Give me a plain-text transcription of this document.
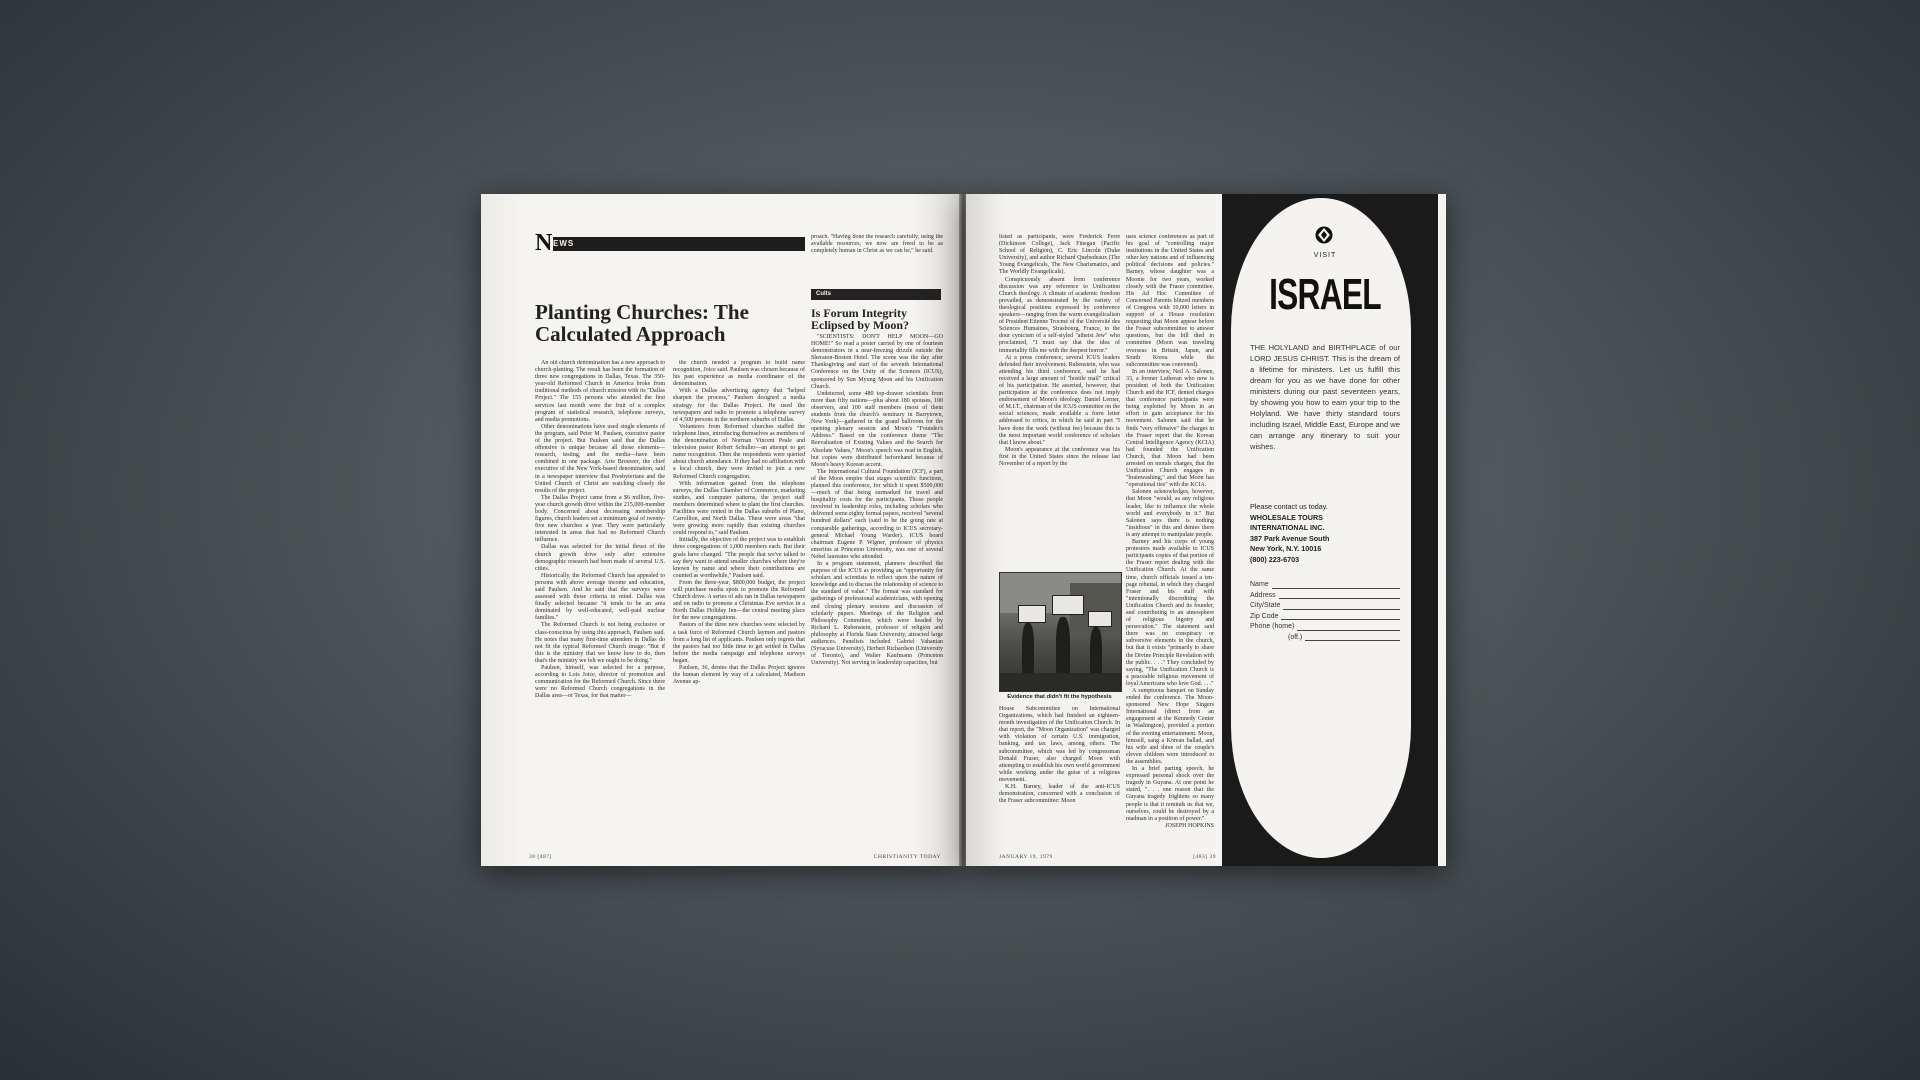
N EWS
Planting Churches: The Calculated Approach

An old church denomination has a new approach to church-planting. The result has been the formation of three new congregations in Dallas, Texas. The 350-year-old Reformed Church in America broke from traditional methods of church mission with its "Dallas Project." The 155 persons who attended the first services last month were the fruit of a complex program of statistical research, telephone surveys, and media promotions.

Other denominations have used single elements of the program, said Peter M. Paulsen, executive pastor of the project. But Paulsen said that the Dallas offensive is unique because all those elements—research, testing, and the media—have been combined in one package. Arie Brouwer, the chief executive of the New York-based denomination, said in a newspaper interview that Presbyterians and the United Church of Christ are watching closely the results of the project.

The Dallas Project came from a $6 million, five-year church growth drive within the 215,000-member body. Concerned about decreasing membership figures, church leaders set a minimum goal of twenty-five new churches a year. They were particularly interested in areas that had no Reformed Church influence.

Dallas was selected for the initial thrust of the church growth drive only after extensive demographic research had been made of several U.S. cities.

Historically, the Reformed Church has appealed to persons with above average income and education, said Paulsen. And he said that the surveys were assessed with those criteria in mind. Dallas was finally selected because "it tends to be an area dominated by well-educated, well-paid nuclear families."

The Reformed Church is not being exclusive or class-conscious by using this approach, Paulsen said. He notes that many first-time attenders in Dallas do not fit the typical Reformed Church image: "But if this is the ministry that we know how to do, then that's the ministry we felt we ought to be doing."

Paulsen, himself, was selected for a purpose, according to Lois Joice, director of promotion and communication for the Reformed Church. Since there were no Reformed Church congregations in the Dallas area—or Texas, for that matter—

the church needed a program to build name recognition, Joice said. Paulsen was chosen because of his past experience as media coordinator of the denomination.

With a Dallas advertising agency that "helped sharpen the process," Paulsen designed a media strategy for the Dallas Project. He used the newspapers and radio to promote a telephone survey of 4,500 persons in the northern suburbs of Dallas.

Volunteers from Reformed churches staffed the telephone lines, introducing themselves as members of the denomination of Norman Vincent Peale and television pastor Robert Schuller—an attempt to get name recognition. Then the respondents were queried about church attendance. If they had no affiliation with a local church, they were invited to join a new Reformed Church congregation.

With information gained from the telephone surveys, the Dallas Chamber of Commerce, marketing studies, and computer patterns, the project staff members determined where to plant the first churches. Facilities were rented in the Dallas suburbs of Plano, Carrollton, and North Dallas. These were areas "that were growing more rapidly than existing churches could respond to," said Paulsen.

Initially, the objective of the project was to establish three congregations of 1,000 members each. But their goals have changed. "The people that we've talked to say they want to attend smaller churches where they're known by name and where their contributions are counted as worthwhile," Paulsen said.

From the three-year, $800,000 budget, the project will purchase media spots to promote the Reformed Church drive. A series of ads ran in Dallas newspapers and on radio to promote a Christmas Eve service in a North Dallas Holiday Inn—the central meeting place for the new congregations.

Pastors of the three new churches were selected by a task force of Reformed Church laymen and pastors from a long list of applicants. Paulsen only regrets that the pastors had too little time to get settled in Dallas before the media campaign and telephone surveys began.

Paulsen, 36, denies that the Dallas Project ignores the human element by way of a calculated, Madison Avenue ap-

proach. "Having done the research carefully, using the available resources, we now are freed to be as completely human in Christ as we can be," he said.

Cults
Is Forum Integrity Eclipsed by Moon?

"SCIENTISTS: DON'T HELP MOON—GO HOME!" So read a poster carried by one of fourteen demonstrators in a near-freezing drizzle outside the Sheraton-Boston Hotel. The scene was the day after Thanksgiving and start of the seventh International Conference on the Unity of the Sciences (ICUS), sponsored by Sun Myung Moon and his Unification Church.

Undeterred, some 480 top-drawer scientists from more than fifty nations—plus about 180 spouses, 100 observers, and 100 staff members (most of them students from the church's seminary in Barrytown, New York)—gathered in the grand ballroom for the opening plenary session and Moon's "Founder's Address." Based on the conference theme "The Reevaluation of Existing Values and the Search for Absolute Values," Moon's speech was read in English, but copies were distributed beforehand because of Moon's heavy Korean accent.

The International Cultural Foundation (ICF), a part of the Moon empire that stages scientific functions, planned this conference, for which it spent $500,000—much of that being earmarked for travel and hospitality costs for the participants. Those people involved in leadership roles, including scholars who delivered some eighty formal papers, received "several hundred dollars" each (said to be the going rate at comparable gatherings, according to ICUS secretary-general Michael Young Warder). ICUS board chairman Eugene P. Wigner, professor of physics emeritus at Princeton University, was one of several Nobel laureates who attended.

In a program statement, planners described the purpose of the ICUS as providing an "opportunity for scholars and scientists to reflect upon the nature of knowledge and to discuss the relationship of science to the standard of value." The format was standard for gatherings of professional academicians, with opening and closing plenary sessions and discussion of scholarly papers. Meetings of the Religion and Philosophy Committee, which were headed by Richard L. Rubenstein, professor of religion and philosophy at Florida State University, attracted large audiences. Panelists included Gabriel Vahanian (Syracuse University), Herbert Richardson (University of Toronto), and Walter Kaufmann (Princeton University). Not serving in leadership capacities, but

38 [487]	CHRISTIANITY TODAY

listed as participants, were Frederick Ferre (Dickinson College), Jack Finegan (Pacific School of Religion), C. Eric Lincoln (Duke University), and author Richard Quebedeaux (The Young Evangelicals, The New Charismatics, and The Worldly Evangelicals).

Conspicuously absent from conference discussion was any reference to Unification Church theology. A climate of academic freedom prevailed, as demonstrated by the variety of theological positions expressed by conference speakers—ranging from the warm evangelicalism of President Etienne Trocmé of the Université des Sciences Humaines, Strasbourg, France, to the dour cynicism of a self-styled "atheist Jew" who proclaimed, "I must say that the idea of immortality fills me with the deepest horror."

At a press conference, several ICUS leaders defended their involvement. Rubenstein, who was attending his third conference, said he had received a large amount of "hostile mail" critical of his participation. He asserted, however, that participation at the conference does not imply endorsement of Moon's ideology. Daniel Lerner, of M.I.T., chairman of the ICUS committee on the social sciences, made available a form letter addressed to critics, in which he said in part "I have done the work (without fee) because this is the most important world conference of scholars that I know about."

Moon's appearance at the conference was his first in the United States since the release last November of a report by the

Evidence that didn't fit the hypothesis

House Subcommittee on International Organizations, which had finished an eighteen-month investigation of the Unification Church. In that report, the "Moon Organization" was charged with violation of certain U.S. immigration, banking, and tax laws, among others. The subcommittee, which was led by congressman Donald Fraser, also charged Moon with attempting to establish his own world government while working under the guise of a religious movement.

K.H. Barney, leader of the anti-ICUS demonstration, concerned with a conclusion of the Fraser subcommittee: Moon

uses science conferences as part of his goal of "controlling major institutions in the United States and other key nations and of influencing political decisions and policies." Barney, whose daughter was a Moonie for two years, worked closely with the Fraser committee. His Ad Hoc Committee of Concerned Parents blitzed members of Congress with 10,000 letters in support of a House resolution requesting that Moon appear before the Fraser subcommittee to answer questions, but the bill died in committee (Moon was traveling overseas in Britain, Japan, and South Korea while the subcommittee was convened).

In an interview, Neil A. Salonen, 33, a former Lutheran who now is president of both the Unification Church and the ICF, denied charges that conference participants were being exploited by Moon in an effort to gain acceptance for his movement. Salonen said that he finds "very offensive" the charges in the Fraser report that the Korean Central Intelligence Agency (KCIA) had founded the Unification Church, that Moon had been arrested on morals charges, that the Unification Church engages in "brainwashing," and that Moon has "operational ties" with the KCIA.

Salonen acknowledges, however, that Moon "would, as any religious leader, like to influence the whole world and everybody in it." But Salonen says there is nothing "insidious" in this and denies there is any attempt to manipulate people.

Barney and his corps of young protestors made available to ICUS participants copies of that portion of the Fraser report dealing with the Unification Church. At the same time, church officials issued a ten-page rebuttal, in which they charged Fraser and his staff with "intentionally discrediting the Unification Church and its founder, and contributing to an atmosphere of religious bigotry and persecution." The statement said there was no conspiracy or subversive elements in the church, but that it exists "primarily to share the Divine Principle Revelation with the public. . . ." They concluded by saying, "The Unification Church is a peaceable religious movement of loyal Americans who love God. . . ."

A sumptuous banquet on Sunday ended the conference. The Moon-sponsored New Hope Singers International (direct from an engagement at the Kennedy Center in Washington), provided a portion of the evening entertainment. Moon, himself, sang a Korean ballad, and his wife and three of the couple's eleven children were introduced to the assemblies.

In a brief parting speech, he expressed personal shock over the tragedy in Guyana. At one point he stated, ". . . one reason that the Guyana tragedy frightens so many people is that it reminds us that we, ourselves, could be destroyed by a madman in a position of power."

JOSEPH HOPKINS

VISIT
ISRAEL
THE HOLYLAND and BIRTHPLACE of our LORD JESUS CHRIST. This is the dream of a lifetime for ministers. Let us fulfill this dream for you as we have done for other ministers during our past seventeen years, by showing you how to earn your trip to the Holyland. We have thirty standard tours including Israel, Middle East, Europe and we can arrange any itinerary to suit your wishes.
Please contact us today.
WHOLESALE TOURS
INTERNATIONAL INC.
387 Park Avenue South
New York, N.Y. 10016
(800) 223-6703
Name
Address
City/State
Zip Code
Phone (home)
(off.)
JANUARY 19, 1979	[483] 39
